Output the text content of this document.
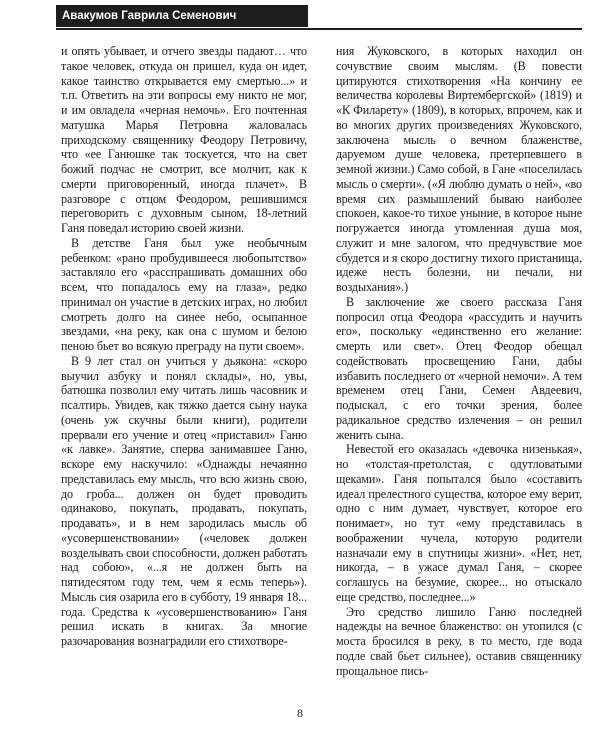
Авакумов Гаврила Семенович

и опять убывает, и отчего звезды падают… что такое человек, откуда он пришел, куда он идет, какое таинство открывается ему смертью...» и т.п. Ответить на эти вопросы ему никто не мог, и им овладела «черная немочь». Его почтенная матушка Марья Петровна жаловалась приходскому священнику Феодору Петровичу, что «ее Ганюшке так тоскуется, что на свет божий подчас не смотрит, все молчит, как к смерти приговоренный, иногда плачет». В разговоре с отцом Феодором, решившимся переговорить с духовным сыном, 18-летний Ганя поведал историю своей жизни.

В детстве Ганя был уже необычным ребенком: «рано пробудившееся любопытство» заставляло его «расспрашивать домашних обо всем, что попадалось ему на глаза», редко принимал он участие в детских играх, но любил смотреть долго на синее небо, осыпанное звездами, «на реку, как она с шумом и белою пеною бьет во всякую преграду на пути своем».

В 9 лет стал он учиться у дьякона: «скоро выучил азбуку и понял склады», но, увы, батюшка позволил ему читать лишь часовник и псалтирь. Увидев, как тяжко дается сыну наука (очень уж скучны были книги), родители прервали его учение и отец «приставил» Ганю «к лавке». Занятие, сперва занимавшее Ганю, вскоре ему наскучило: «Однажды нечаянно представилась ему мысль, что всю жизнь свою, до гроба... должен он будет проводить одинаково, покупать, продавать, покупать, продавать», и в нем зародилась мысль об «усовершенствовании» («человек должен возделывать свои способности, должен работать над собою», «...я не должен быть на пятидесятом году тем, чем я есмь теперь»). Мысль сия озарила его в субботу, 19 января 18... года. Средства к «усовершенствованию» Ганя решил искать в книгах. За многие разочарования вознаградили его стихотворе-

ния Жуковского, в которых находил он сочувствие своим мыслям. (В повести цитируются стихотворения «На кончину ее величества королевы Виртембергской» (1819) и «К Филарету» (1809), в которых, впрочем, как и во многих других произведениях Жуковского, заключена мысль о вечном блаженстве, даруемом душе человека, претерпевшего в земной жизни.) Само собой, в Гане «поселилась мысль о смерти». («Я люблю думать о ней», «во время сих размышлений бываю наиболее спокоен, какое-то тихое уныние, в которое ныне погружается иногда утомленная душа моя, служит и мне залогом, что предчувствие мое сбудется и я скоро достигну тихого пристанища, идеже несть болезни, ни печали, ни воздыхания».)

В заключение же своего рассказа Ганя попросил отца Феодора «рассудить и научить его», поскольку «единственно его желание: смерть или свет». Отец Феодор обещал содействовать просвещению Гани, дабы избавить последнего от «черной немочи». А тем временем отец Гани, Семен Авдеевич, подыскал, с его точки зрения, более радикальное средство излечения – он решил женить сына.

Невестой его оказалась «девочка низенькая», но «толстая-претолстая, с одутловатыми щеками». Ганя попытался было «составить идеал прелестного существа, которое ему верит, одно с ним думает, чувствует, которое его понимает», но тут «ему представилась в воображении чучела, которую родители назначали ему в спутницы жизни». «Нет, нет, никогда, – в ужасе думал Ганя, – скорее соглашусь на безумие, скорее... но отыскало еще средство, последнее...»

Это средство лишило Ганю последней надежды на вечное блаженство: он утопился (с моста бросился в реку, в то место, где вода подле свай бьет сильнее), оставив священнику прощальное пись-

8
